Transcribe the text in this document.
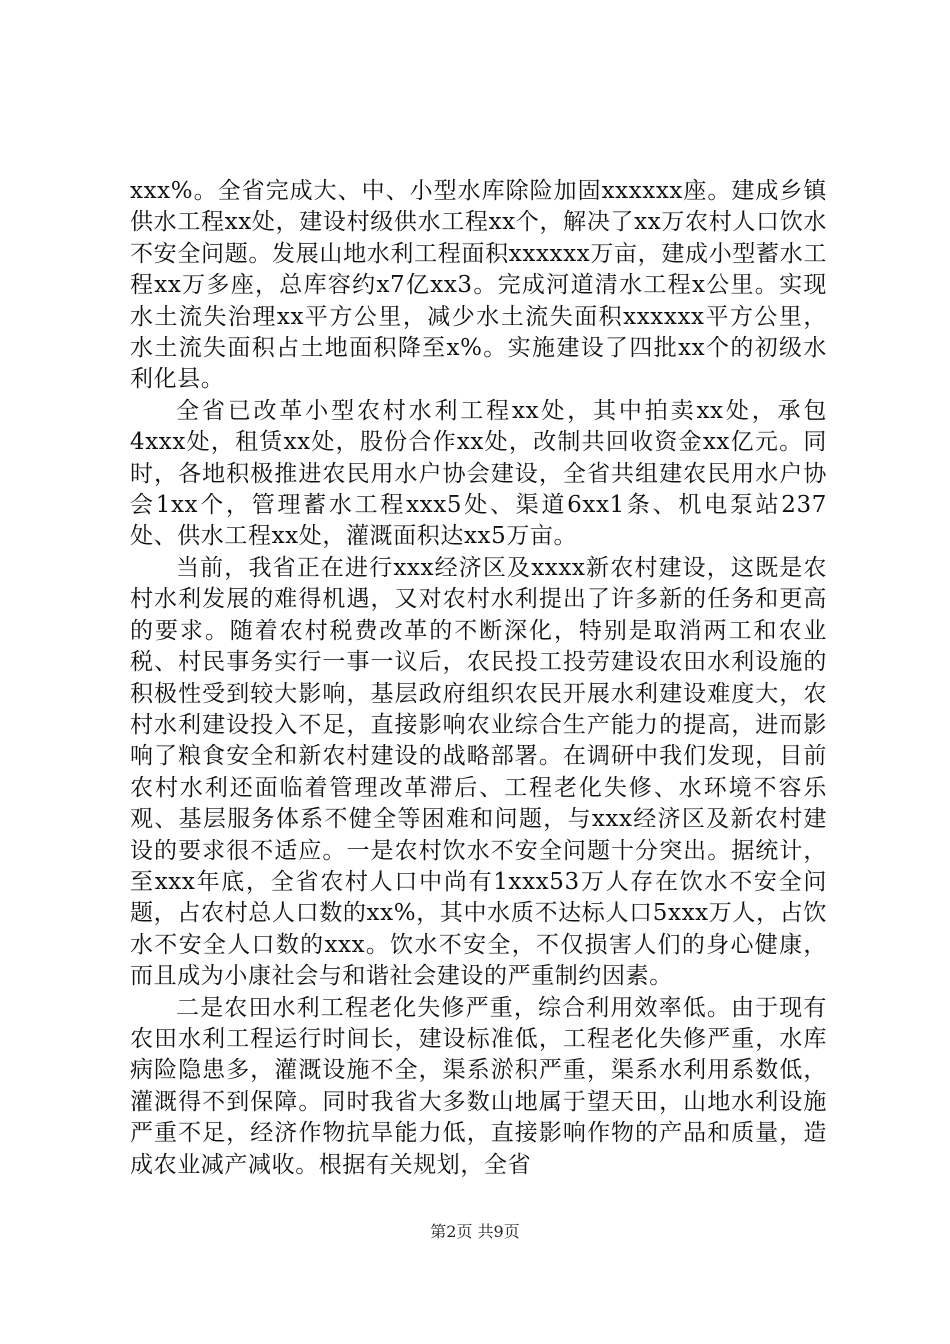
xxx%。全省完成大、中、小型水库除险加固xxxxxx座。建成乡镇供水工程xx处，建设村级供水工程xx个，解决了xx万农村人口饮水不安全问题。发展山地水利工程面积xxxxxx万亩，建成小型蓄水工程xx万多座，总库容约x7亿xx3。完成河道清水工程x公里。实现水土流失治理xx平方公里，减少水土流失面积xxxxxx平方公里，水土流失面积占土地面积降至x%。实施建设了四批xx个的初级水利化县。

全省已改革小型农村水利工程xx处，其中拍卖xx处，承包4xxx处，租赁xx处，股份合作xx处，改制共回收资金xx亿元。同时，各地积极推进农民用水户协会建设，全省共组建农民用水户协会1xx个，管理蓄水工程xxx5处、渠道6xx1条、机电泵站237处、供水工程xx处，灌溉面积达xx5万亩。

当前，我省正在进行xxx经济区及xxxx新农村建设，这既是农村水利发展的难得机遇，又对农村水利提出了许多新的任务和更高的要求。随着农村税费改革的不断深化，特别是取消两工和农业税、村民事务实行一事一议后，农民投工投劳建设农田水利设施的积极性受到较大影响，基层政府组织农民开展水利建设难度大，农村水利建设投入不足，直接影响农业综合生产能力的提高，进而影响了粮食安全和新农村建设的战略部署。在调研中我们发现，目前农村水利还面临着管理改革滞后、工程老化失修、水环境不容乐观、基层服务体系不健全等困难和问题，与xxx经济区及新农村建设的要求很不适应。一是农村饮水不安全问题十分突出。据统计，至xxx年底，全省农村人口中尚有1xxx53万人存在饮水不安全问题，占农村总人口数的xx%，其中水质不达标人口5xxx万人，占饮水不安全人口数的xxx。饮水不安全，不仅损害人们的身心健康，而且成为小康社会与和谐社会建设的严重制约因素。

二是农田水利工程老化失修严重，综合利用效率低。由于现有农田水利工程运行时间长，建设标准低，工程老化失修严重，水库病险隐患多，灌溉设施不全，渠系淤积严重，渠系水利用系数低，灌溉得不到保障。同时我省大多数山地属于望天田，山地水利设施严重不足，经济作物抗旱能力低，直接影响作物的产品和质量，造成农业减产减收。根据有关规划，全省

第2页 共9页
